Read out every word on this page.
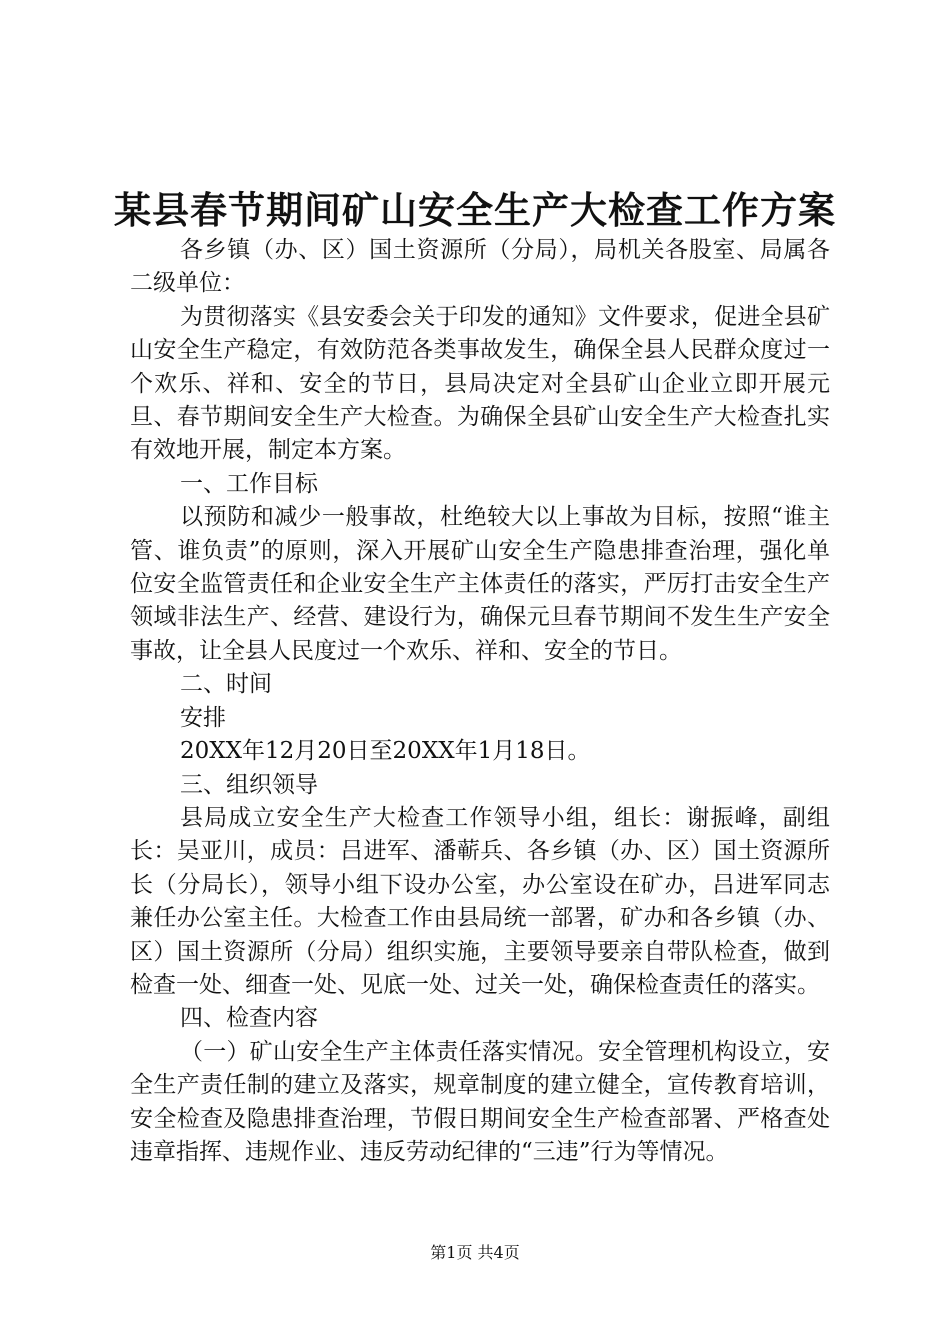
某县春节期间矿山安全生产大检查工作方案

各乡镇（办、区）国土资源所（分局），局机关各股室、局属各二级单位：

为贯彻落实《县安委会关于印发的通知》文件要求，促进全县矿山安全生产稳定，有效防范各类事故发生，确保全县人民群众度过一个欢乐、祥和、安全的节日，县局决定对全县矿山企业立即开展元旦、春节期间安全生产大检查。为确保全县矿山安全生产大检查扎实有效地开展，制定本方案。

一、工作目标

以预防和减少一般事故，杜绝较大以上事故为目标，按照“谁主管、谁负责”的原则，深入开展矿山安全生产隐患排查治理，强化单位安全监管责任和企业安全生产主体责任的落实，严厉打击安全生产领域非法生产、经营、建设行为，确保元旦春节期间不发生生产安全事故，让全县人民度过一个欢乐、祥和、安全的节日。

二、时间

安排

20XX年12月20日至20XX年1月18日。

三、组织领导

县局成立安全生产大检查工作领导小组，组长：谢振峰，副组长：吴亚川，成员：吕进军、潘蕲兵、各乡镇（办、区）国土资源所长（分局长），领导小组下设办公室，办公室设在矿办，吕进军同志兼任办公室主任。大检查工作由县局统一部署，矿办和各乡镇（办、区）国土资源所（分局）组织实施，主要领导要亲自带队检查，做到检查一处、细查一处、见底一处、过关一处，确保检查责任的落实。

四、检查内容

（一）矿山安全生产主体责任落实情况。安全管理机构设立，安全生产责任制的建立及落实，规章制度的建立健全，宣传教育培训，安全检查及隐患排查治理，节假日期间安全生产检查部署、严格查处违章指挥、违规作业、违反劳动纪律的“三违”行为等情况。

第1页 共4页
